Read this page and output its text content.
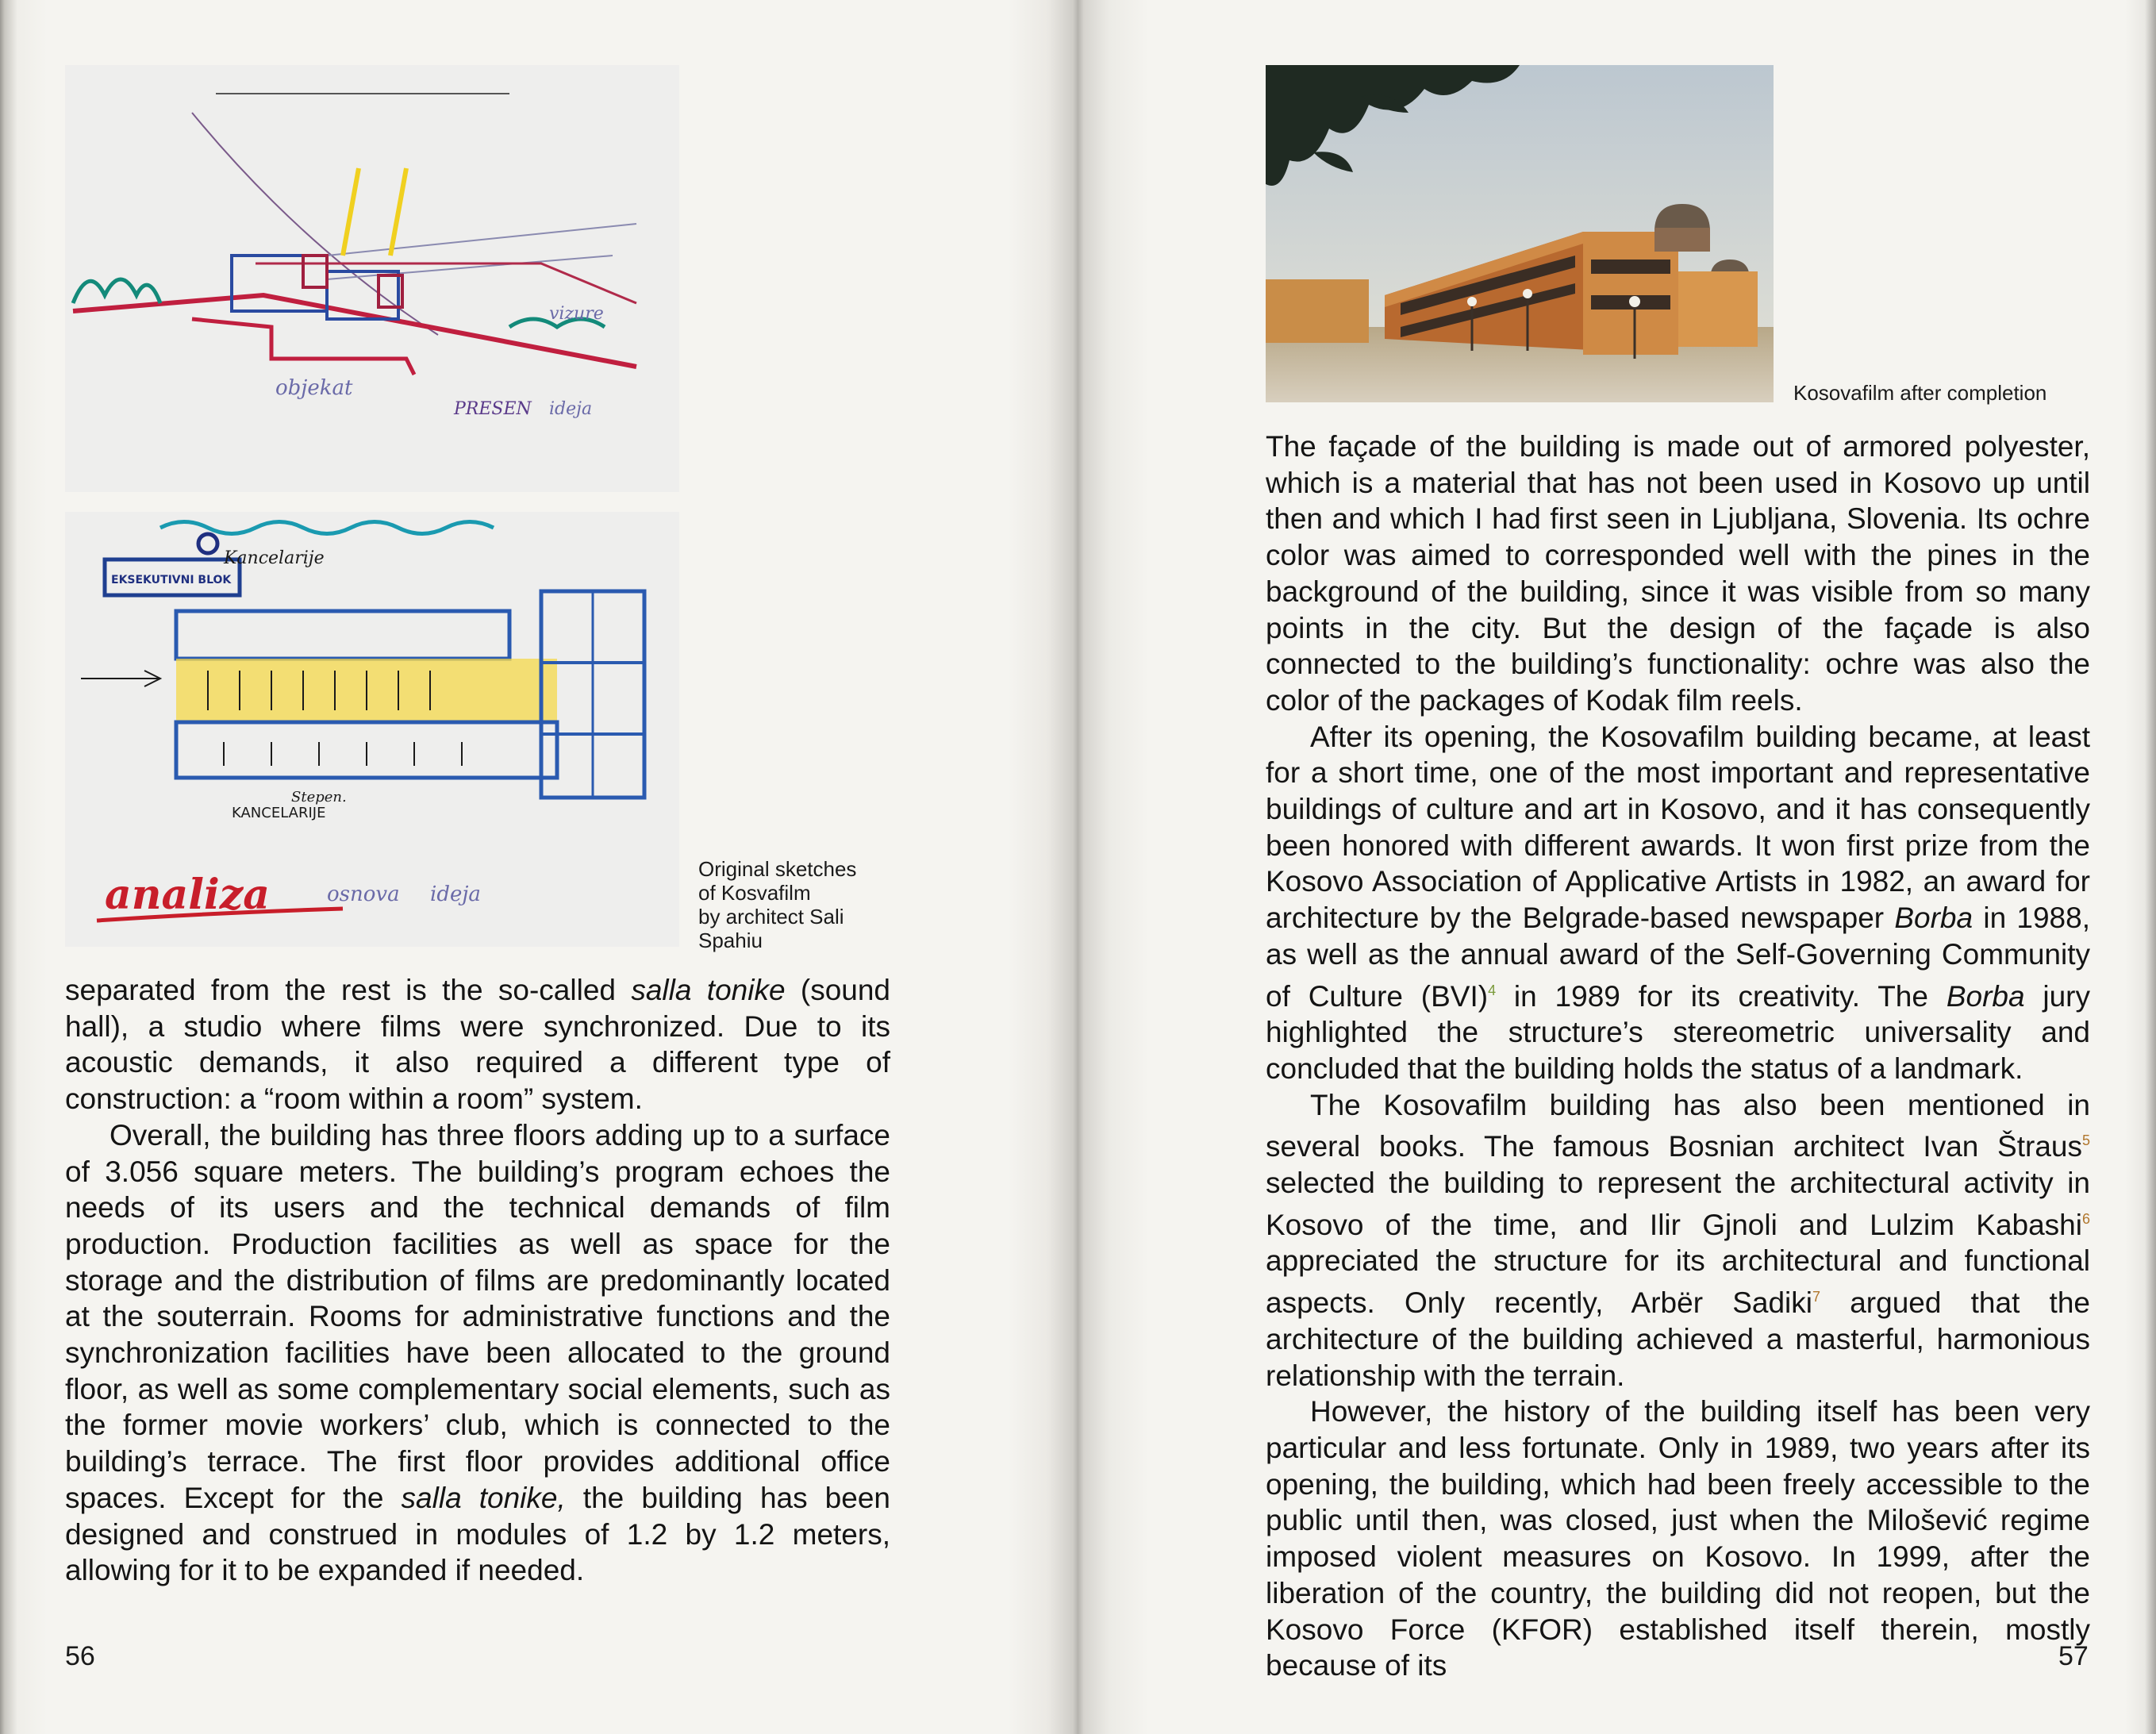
objekat
PRESEN ideja
vizure
EKSEKUTIVNI BLOK
Kancelarije
Stepen.
KANCELARIJE
analiza	osnova ideja
Original sketches
of Kosvafilm
by architect Sali
Spahiu

separated from the rest is the so-called salla tonike (sound hall), a studio where films were synchronized. Due to its acoustic demands, it also required a different type of construction: a “room within a room” system.

Overall, the building has three floors adding up to a surface of 3.056 square meters. The building’s program echoes the needs of its users and the technical demands of film production. Production facilities as well as space for the storage and the distribution of films are predominantly located at the souterrain. Rooms for administrative functions and the synchronization facilities have been allocated to the ground floor, as well as some complementary social elements, such as the former movie workers’ club, which is connected to the building’s terrace. The first floor provides additional office spaces. Except for the salla tonike, the building has been designed and construed in modules of 1.2 by 1.2 meters, allowing for it to be expanded if needed.

56
Kosovafilm after completion

The façade of the building is made out of armored polyester, which is a material that has not been used in Kosovo up until then and which I had first seen in Ljubljana, Slovenia. Its ochre color was aimed to corresponded well with the pines in the background of the building, since it was visible from so many points in the city. But the design of the façade is also connected to the building’s functionality: ochre was also the color of the packages of Kodak film reels.

After its opening, the Kosovafilm building became, at least for a short time, one of the most important and representative buildings of culture and art in Kosovo, and it has consequently been honored with different awards. It won first prize from the Kosovo Association of Applicative Artists in 1982, an award for architecture by the Belgrade-based newspaper Borba in 1988, as well as the annual award of the Self-Governing Community of Culture (BVI)$^4$ in 1989 for its creativity. The Borba jury highlighted the structure’s stereometric universality and concluded that the building holds the status of a landmark.

The Kosovafilm building has also been mentioned in several books. The famous Bosnian architect Ivan Štraus$^5$ selected the building to represent the architectural activity in Kosovo of the time, and Ilir Gjnoli and Lulzim Kabashi$^6$ appreciated the structure for its architectural and functional aspects. Only recently, Arbër Sadiki$^7$ argued that the architecture of the building achieved a masterful, harmonious relationship with the terrain.

However, the history of the building itself has been very particular and less fortunate. Only in 1989, two years after its opening, the building, which had been freely accessible to the public until then, was closed, just when the Milošević regime imposed violent measures on Kosovo. In 1999, after the liberation of the country, the building did not reopen, but the Kosovo Force (KFOR) established itself therein, mostly because of its	57
